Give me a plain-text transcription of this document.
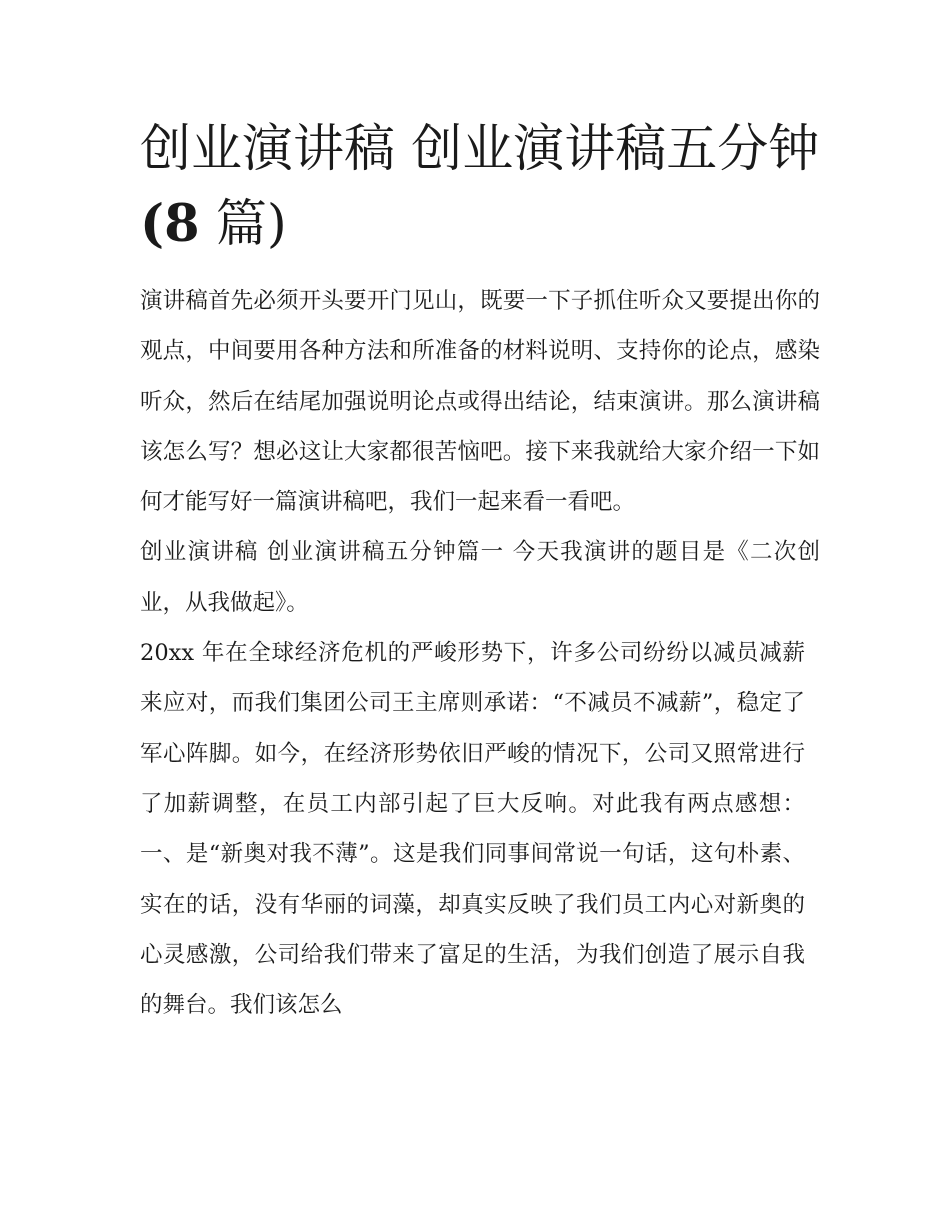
创业演讲稿 创业演讲稿五分钟
(8 篇)

演讲稿首先必须开头要开门见山，既要一下子抓住听众又要提出你的观点，中间要用各种方法和所准备的材料说明、支持你的论点，感染听众，然后在结尾加强说明论点或得出结论，结束演讲。那么演讲稿该怎么写？想必这让大家都很苦恼吧。接下来我就给大家介绍一下如何才能写好一篇演讲稿吧，我们一起来看一看吧。

创业演讲稿 创业演讲稿五分钟篇一 今天我演讲的题目是《二次创业，从我做起》。

20xx 年在全球经济危机的严峻形势下，许多公司纷纷以减员减薪来应对，而我们集团公司王主席则承诺：“不减员不减薪”，稳定了军心阵脚。如今，在经济形势依旧严峻的情况下，公司又照常进行了加薪调整，在员工内部引起了巨大反响。对此我有两点感想：一、是“新奥对我不薄”。这是我们同事间常说一句话，这句朴素、实在的话，没有华丽的词藻，却真实反映了我们员工内心对新奥的心灵感激，公司给我们带来了富足的生活，为我们创造了展示自我的舞台。我们该怎么
